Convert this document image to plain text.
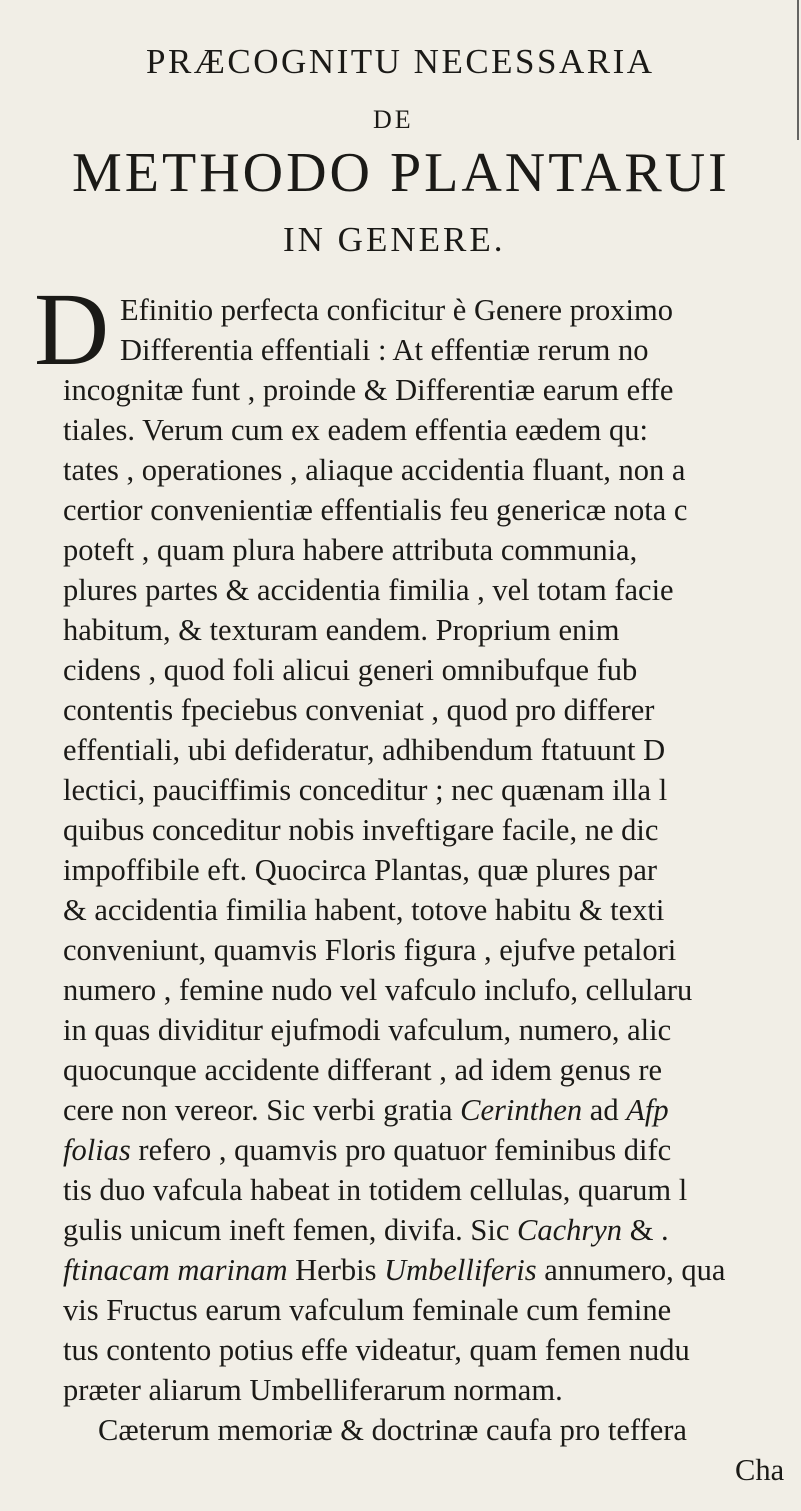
PRÆCOGNITU NECESSARIA
DE
METHODO PLANTARUI
IN GENERE.
D Efinitio perfecta conficitur è Genere proximo
Differentia effentiali : At effentiæ rerum no
incognitæ funt , proinde & Differentiæ earum effe
tiales. Verum cum ex eadem effentia eædem qu:
tates , operationes , aliaque accidentia fluant, non a
certior convenientiæ effentialis feu genericæ nota c
poteft , quam plura habere attributa communia,
plures partes & accidentia fimilia , vel totam facie
habitum, & texturam eandem. Proprium enim
cidens , quod foli alicui generi omnibufque fub
contentis fpeciebus conveniat , quod pro differer
effentiali, ubi defideratur, adhibendum ftatuunt D
lectici, pauciffimis conceditur ; nec quænam illa l
quibus conceditur nobis inveftigare facile, ne dic
impoffibile eft. Quocirca Plantas, quæ plures par
& accidentia fimilia habent, totove habitu & texti
conveniunt, quamvis Floris figura , ejufve petalori
numero , femine nudo vel vafculo inclufo, cellularu
in quas dividitur ejufmodi vafculum, numero, alic
quocunque accidente differant , ad idem genus re
cere non vereor. Sic verbi gratia Cerinthen ad Afp
folias refero , quamvis pro quatuor feminibus difc
tis duo vafcula habeat in totidem cellulas, quarum l
gulis unicum ineft femen, divifa. Sic Cachryn & .
ftinacam marinam Herbis Umbelliferis annumero, qua
vis Fructus earum vafculum feminale cum femine
tus contento potius effe videatur, quam femen nudu
præter aliarum Umbelliferarum normam.
Cæterum memoriæ & doctrinæ caufa pro teffera
Cha
